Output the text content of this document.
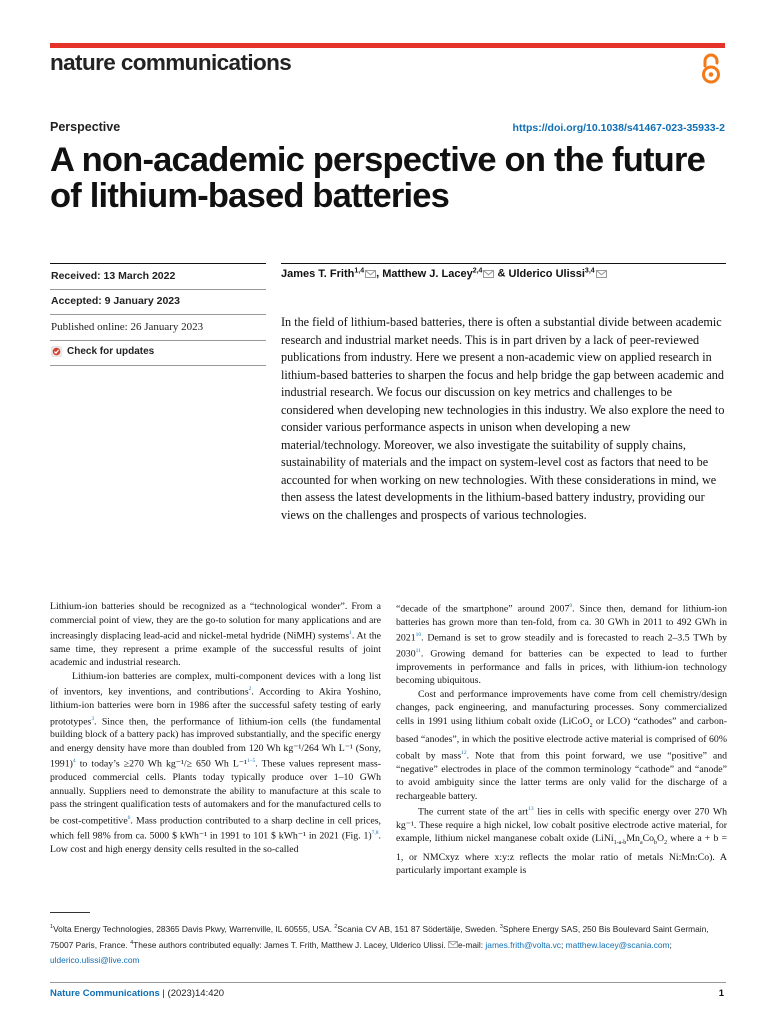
nature communications
Perspective	https://doi.org/10.1038/s41467-023-35933-2
A non-academic perspective on the future of lithium-based batteries
Received: 13 March 2022
Accepted: 9 January 2023
Published online: 26 January 2023
Check for updates
James T. Frith$^{1,4}$ , Matthew J. Lacey$^{2,4}$ & Ulderico Ulissi$^{3,4}$

In the field of lithium-based batteries, there is often a substantial divide between academic research and industrial market needs. This is in part driven by a lack of peer-reviewed publications from industry. Here we present a non-academic view on applied research in lithium-based batteries to sharpen the focus and help bridge the gap between academic and industrial research. We focus our discussion on key metrics and challenges to be considered when developing new technologies in this industry. We also explore the need to consider various performance aspects in unison when developing a new material/technology. Moreover, we also investigate the suitability of supply chains, sustainability of materials and the impact on system-level cost as factors that need to be accounted for when working on new technologies. With these considerations in mind, we then assess the latest developments in the lithium-based battery industry, providing our views on the challenges and prospects of various technologies.

Lithium-ion batteries should be recognized as a “technological wonder”. From a commercial point of view, they are the go-to solution for many applications and are increasingly displacing lead-acid and nickel-metal hydride (NiMH) systems$^1$. At the same time, they represent a prime example of the successful results of joint academic and industrial research.

Lithium-ion batteries are complex, multi-component devices with a long list of inventors, key inventions, and contributions$^2$. According to Akira Yoshino, lithium-ion batteries were born in 1986 after the successful safety testing of early prototypes$^3$. Since then, the performance of lithium-ion cells (the fundamental building block of a battery pack) has improved substantially, and the specific energy and energy density have more than doubled from 120 Wh kg⁻¹/264 Wh L⁻¹ (Sony, 1991)$^4$ to today’s ≥270 Wh kg⁻¹/≥ 650 Wh L⁻¹$^{1-5}$. These values represent mass-produced commercial cells. Plants today typically produce over 1–10 GWh annually. Suppliers need to demonstrate the ability to manufacture at this scale to pass the stringent qualification tests of automakers and for the manufactured cells to be cost-competitive$^6$. Mass production contributed to a sharp decline in cell prices, which fell 98% from ca. 5000 $ kWh⁻¹ in 1991 to 101 $ kWh⁻¹ in 2021 (Fig. 1)$^{7,8}$. Low cost and high energy density cells resulted in the so-called

“decade of the smartphone” around 2007$^9$. Since then, demand for lithium-ion batteries has grown more than ten-fold, from ca. 30 GWh in 2011 to 492 GWh in 2021$^{10}$. Demand is set to grow steadily and is forecasted to reach 2–3.5 TWh by 2030$^{11}$. Growing demand for batteries can be expected to lead to further improvements in performance and falls in prices, with lithium-ion technology becoming ubiquitous.

Cost and performance improvements have come from cell chemistry/design changes, pack engineering, and manufacturing processes. Sony commercialized cells in 1991 using lithium cobalt oxide (LiCoO$_2$ or LCO) “cathodes” and carbon-based “anodes”, in which the positive electrode active material is comprised of 60% cobalt by mass$^{12}$. Note that from this point forward, we use “positive” and “negative” electrodes in place of the common terminology “cathode” and “anode” to avoid ambiguity since the latter terms are only valid for the discharge of a rechargeable battery.

The current state of the art$^{13}$ lies in cells with specific energy over 270 Wh kg⁻¹. These require a high nickel, low cobalt positive electrode active material, for example, lithium nickel manganese cobalt oxide ($LiNi_{1-a-b}Mn_aCo_bO_2$ where a + b = 1, or NMCxyz where x:y:z reflects the molar ratio of metals Ni:Mn:Co). A particularly important example is

$^1$Volta Energy Technologies, 28365 Davis Pkwy, Warrenville, IL 60555, USA. $^2$Scania CV AB, 151 87 Södertälje, Sweden. $^3$Sphere Energy SAS, 250 Bis Boulevard Saint Germain, 75007 Paris, France. $^4$These authors contributed equally: James T. Frith, Matthew J. Lacey, Ulderico Ulissi. e-mail: james.frith@volta.vc; matthew.lacey@scania.com; ulderico.ulissi@live.com

Nature Communications | (2023)14:420	1
